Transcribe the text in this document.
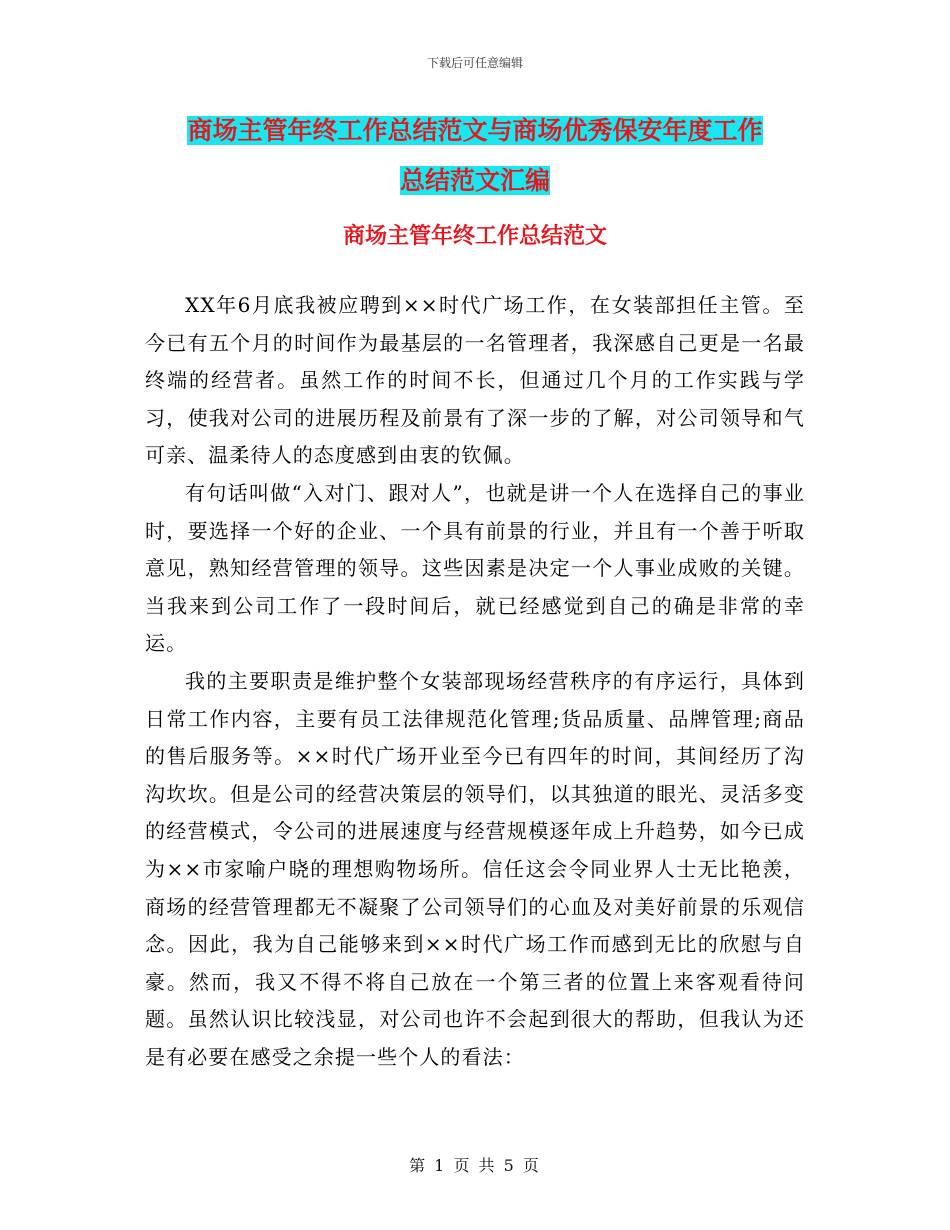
下载后可任意编辑
商场主管年终工作总结范文与商场优秀保安年度工作
总结范文汇编
商场主管年终工作总结范文

XX年6月底我被应聘到××时代广场工作，在女装部担任主管。至今已有五个月的时间作为最基层的一名管理者，我深感自己更是一名最终端的经营者。虽然工作的时间不长，但通过几个月的工作实践与学习，使我对公司的进展历程及前景有了深一步的了解，对公司领导和气可亲、温柔待人的态度感到由衷的钦佩。

有句话叫做“入对门、跟对人”，也就是讲一个人在选择自己的事业时，要选择一个好的企业、一个具有前景的行业，并且有一个善于听取意见，熟知经营管理的领导。这些因素是决定一个人事业成败的关键。当我来到公司工作了一段时间后，就已经感觉到自己的确是非常的幸运。

我的主要职责是维护整个女装部现场经营秩序的有序运行，具体到日常工作内容，主要有员工法律规范化管理;货品质量、品牌管理;商品的售后服务等。××时代广场开业至今已有四年的时间，其间经历了沟沟坎坎。但是公司的经营决策层的领导们，以其独道的眼光、灵活多变的经营模式，令公司的进展速度与经营规模逐年成上升趋势，如今已成为××市家喻户晓的理想购物场所。信任这会令同业界人士无比艳羡，商场的经营管理都无不凝聚了公司领导们的心血及对美好前景的乐观信念。因此，我为自己能够来到××时代广场工作而感到无比的欣慰与自豪。然而，我又不得不将自己放在一个第三者的位置上来客观看待问题。虽然认识比较浅显，对公司也许不会起到很大的帮助，但我认为还是有必要在感受之余提一些个人的看法：

第 1 页 共 5 页
